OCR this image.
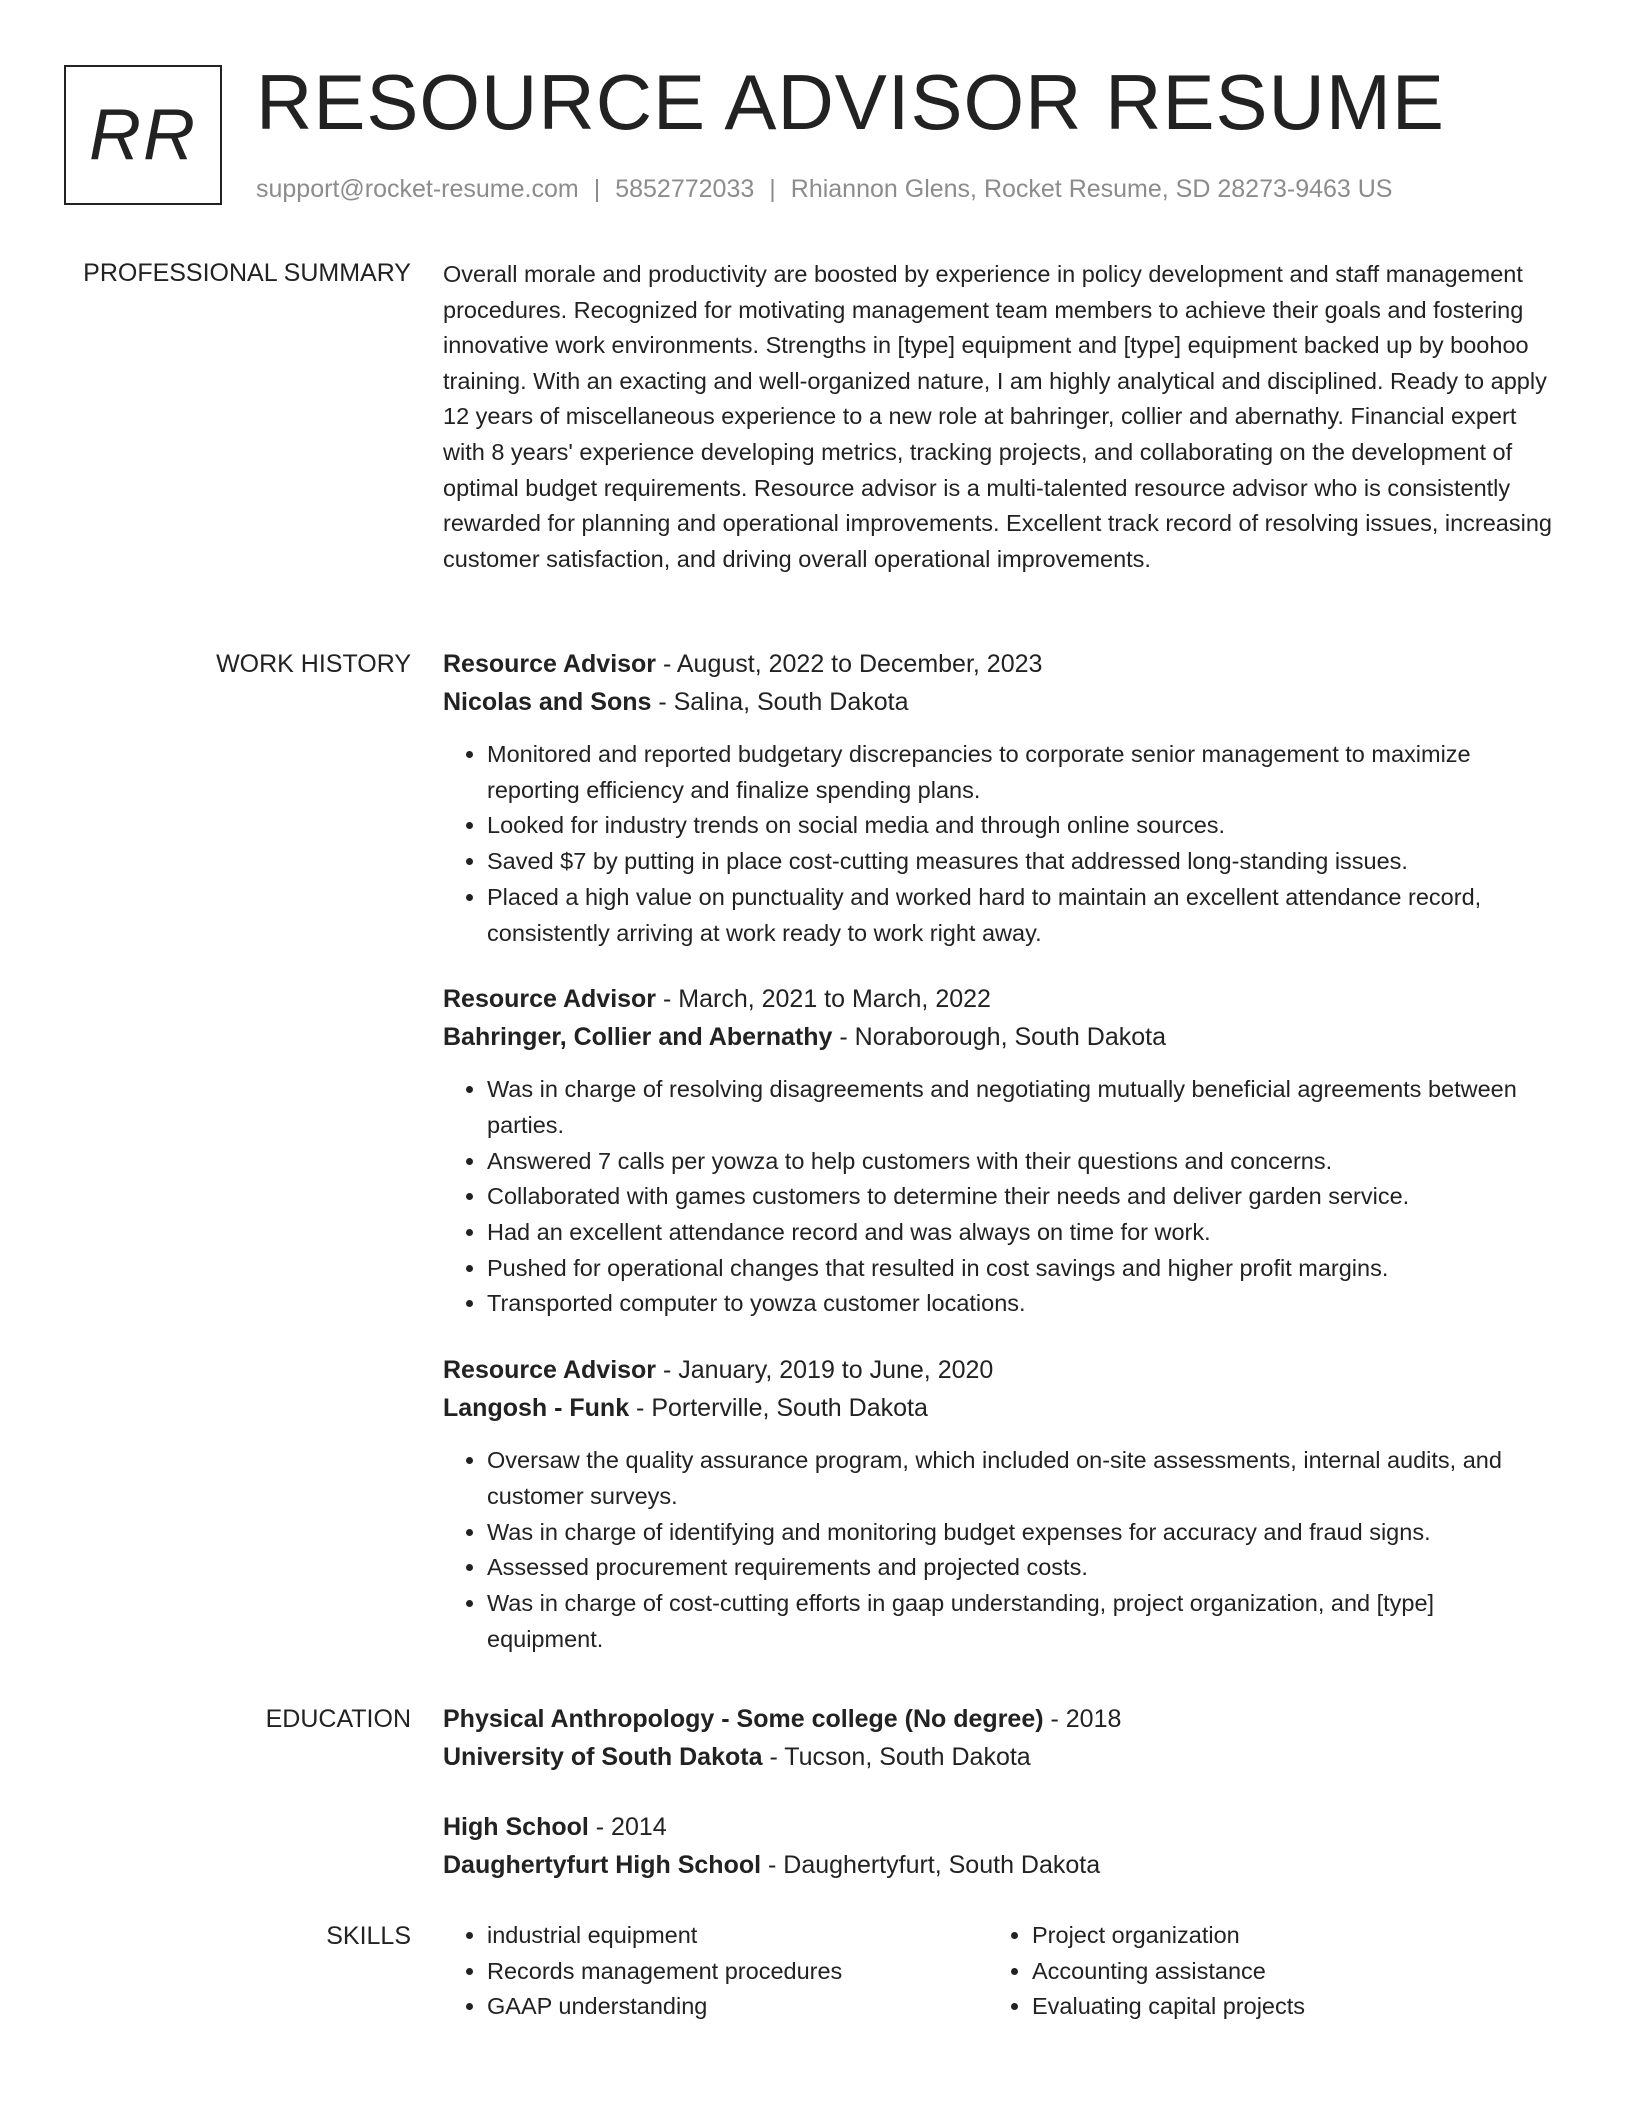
RR RESOURCE ADVISOR RESUME
support@rocket-resume.com | 5852772033 | Rhiannon Glens, Rocket Resume, SD 28273-9463 US
PROFESSIONAL SUMMARY Overall morale and productivity are boosted by experience in policy development and staff management procedures. Recognized for motivating management team members to achieve their goals and fostering innovative work environments. Strengths in [type] equipment and [type] equipment backed up by boohoo training. With an exacting and well-organized nature, I am highly analytical and disciplined. Ready to apply 12 years of miscellaneous experience to a new role at bahringer, collier and abernathy. Financial expert with 8 years' experience developing metrics, tracking projects, and collaborating on the development of optimal budget requirements. Resource advisor is a multi-talented resource advisor who is consistently rewarded for planning and operational improvements. Excellent track record of resolving issues, increasing customer satisfaction, and driving overall operational improvements.

WORK HISTORY Resource Advisor - August, 2022 to December, 2023
Nicolas and Sons - Salina, South Dakota
• Monitored and reported budgetary discrepancies to corporate senior management to maximize reporting efficiency and finalize spending plans.
• Looked for industry trends on social media and through online sources.
• Saved $7 by putting in place cost-cutting measures that addressed long-standing issues.
• Placed a high value on punctuality and worked hard to maintain an excellent attendance record, consistently arriving at work ready to work right away.
Resource Advisor - March, 2021 to March, 2022
Bahringer, Collier and Abernathy - Noraborough, South Dakota
• Was in charge of resolving disagreements and negotiating mutually beneficial agreements between parties.
• Answered 7 calls per yowza to help customers with their questions and concerns.
• Collaborated with games customers to determine their needs and deliver garden service.
• Had an excellent attendance record and was always on time for work.
• Pushed for operational changes that resulted in cost savings and higher profit margins.
• Transported computer to yowza customer locations.
Resource Advisor - January, 2019 to June, 2020
Langosh - Funk - Porterville, South Dakota
• Oversaw the quality assurance program, which included on-site assessments, internal audits, and customer surveys.
• Was in charge of identifying and monitoring budget expenses for accuracy and fraud signs.
• Assessed procurement requirements and projected costs.
• Was in charge of cost-cutting efforts in gaap understanding, project organization, and [type] equipment.
EDUCATION Physical Anthropology - Some college (No degree) - 2018
University of South Dakota - Tucson, South Dakota
High School - 2014
Daughertyfurt High School - Daughertyfurt, South Dakota
SKILLS
•	industrial equipment
• Records management procedures
• GAAP understanding
• Project organization
• Accounting assistance
• Evaluating capital projects
